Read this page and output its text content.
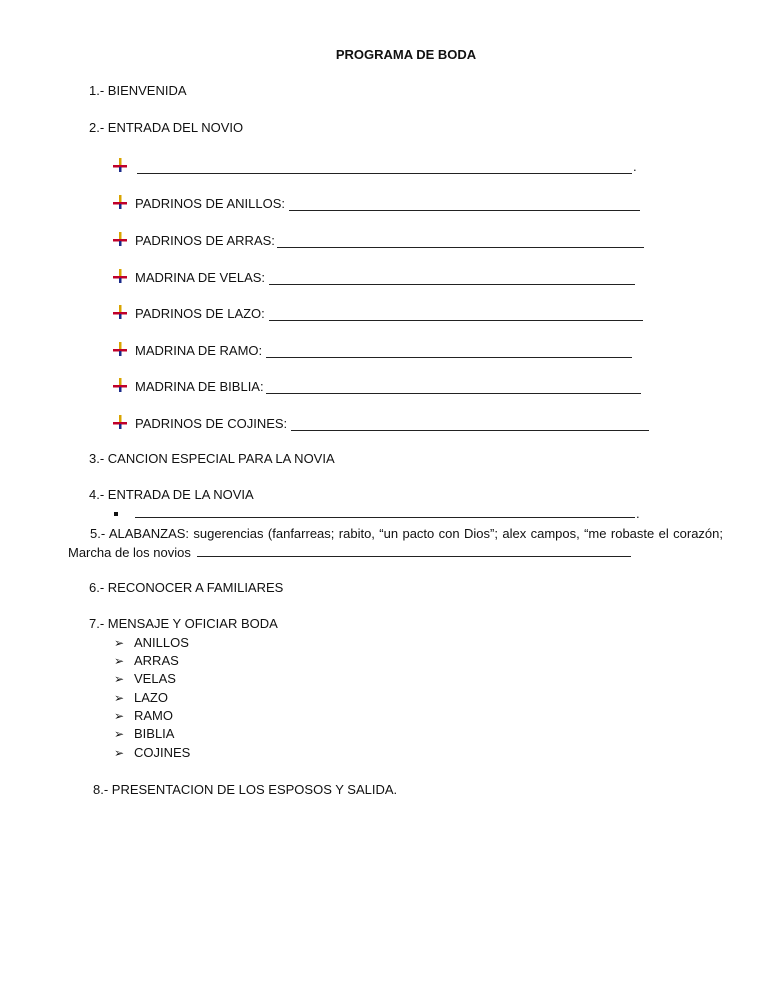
PROGRAMA DE BODA
1.- BIENVENIDA
2.- ENTRADA DEL NOVIO
.
PADRINOS DE ANILLOS:
PADRINOS DE ARRAS:
MADRINA DE VELAS:
PADRINOS DE LAZO:
MADRINA DE RAMO:
MADRINA DE BIBLIA:
PADRINOS DE COJINES:
3.- CANCION ESPECIAL PARA LA NOVIA
4.- ENTRADA DE LA NOVIA
.
5.- ALABANZAS: sugerencias (fanfarreas; rabito, “un pacto con Dios”; alex campos, “me robaste el corazón; Marcha de los novios
6.- RECONOCER A FAMILIARES
7.- MENSAJE Y OFICIAR BODA
➢ ANILLOS
➢ ARRAS
➢ VELAS
➢ LAZO
➢ RAMO
➢ BIBLIA
➢ COJINES
8.- PRESENTACION DE LOS ESPOSOS Y SALIDA.
